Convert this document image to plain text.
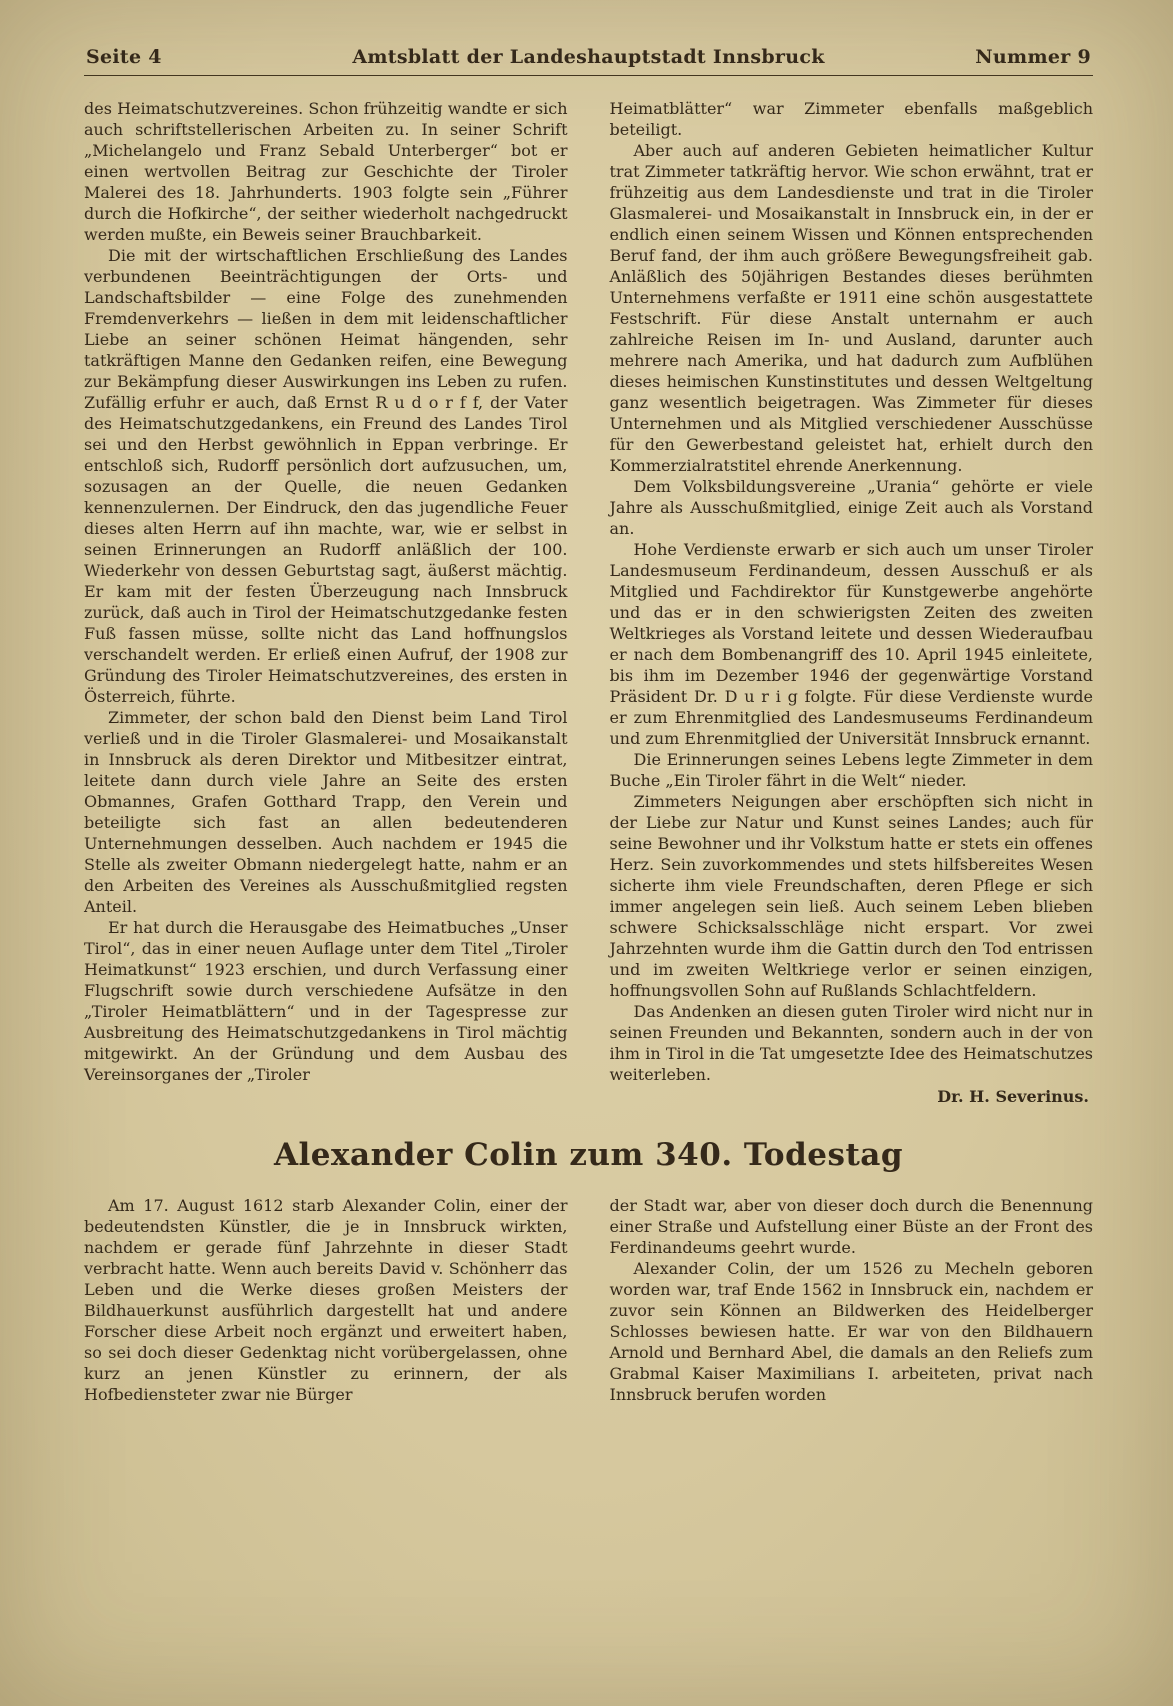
Seite 4	Amtsblatt der Landeshauptstadt Innsbruck	Nummer 9

des Heimatschutzvereines. Schon frühzeitig wandte er sich auch schriftstellerischen Arbeiten zu. In seiner Schrift „Michelangelo und Franz Sebald Unterberger“ bot er einen wertvollen Beitrag zur Geschichte der Tiroler Malerei des 18. Jahrhunderts. 1903 folgte sein „Führer durch die Hofkirche“, der seither wiederholt nachgedruckt werden mußte, ein Beweis seiner Brauchbarkeit.

Die mit der wirtschaftlichen Erschließung des Landes verbundenen Beeinträchtigungen der Orts- und Landschaftsbilder — eine Folge des zunehmenden Fremdenverkehrs — ließen in dem mit leidenschaftlicher Liebe an seiner schönen Heimat hängenden, sehr tatkräftigen Manne den Gedanken reifen, eine Bewegung zur Bekämpfung dieser Auswirkungen ins Leben zu rufen. Zufällig erfuhr er auch, daß Ernst R u d o r f f, der Vater des Heimatschutzgedankens, ein Freund des Landes Tirol sei und den Herbst gewöhnlich in Eppan verbringe. Er entschloß sich, Rudorff persönlich dort aufzusuchen, um, sozusagen an der Quelle, die neuen Gedanken kennenzulernen. Der Eindruck, den das jugendliche Feuer dieses alten Herrn auf ihn machte, war, wie er selbst in seinen Erinnerungen an Rudorff anläßlich der 100. Wiederkehr von dessen Geburtstag sagt, äußerst mächtig. Er kam mit der festen Überzeugung nach Innsbruck zurück, daß auch in Tirol der Heimatschutzgedanke festen Fuß fassen müsse, sollte nicht das Land hoffnungslos verschandelt werden. Er erließ einen Aufruf, der 1908 zur Gründung des Tiroler Heimatschutzvereines, des ersten in Österreich, führte.

Zimmeter, der schon bald den Dienst beim Land Tirol verließ und in die Tiroler Glasmalerei- und Mosaikanstalt in Innsbruck als deren Direktor und Mitbesitzer eintrat, leitete dann durch viele Jahre an Seite des ersten Obmannes, Grafen Gotthard Trapp, den Verein und beteiligte sich fast an allen bedeutenderen Unternehmungen desselben. Auch nachdem er 1945 die Stelle als zweiter Obmann niedergelegt hatte, nahm er an den Arbeiten des Vereines als Ausschußmitglied regsten Anteil.

Er hat durch die Herausgabe des Heimatbuches „Unser Tirol“, das in einer neuen Auflage unter dem Titel „Tiroler Heimatkunst“ 1923 erschien, und durch Verfassung einer Flugschrift sowie durch verschiedene Aufsätze in den „Tiroler Heimatblättern“ und in der Tagespresse zur Ausbreitung des Heimatschutzgedankens in Tirol mächtig mitgewirkt. An der Gründung und dem Ausbau des Vereinsorganes der „Tiroler

Heimatblätter“ war Zimmeter ebenfalls maßgeblich beteiligt.

Aber auch auf anderen Gebieten heimatlicher Kultur trat Zimmeter tatkräftig hervor. Wie schon erwähnt, trat er frühzeitig aus dem Landesdienste und trat in die Tiroler Glasmalerei- und Mosaikanstalt in Innsbruck ein, in der er endlich einen seinem Wissen und Können entsprechenden Beruf fand, der ihm auch größere Bewegungsfreiheit gab. Anläßlich des 50jährigen Bestandes dieses berühmten Unternehmens verfaßte er 1911 eine schön ausgestattete Festschrift. Für diese Anstalt unternahm er auch zahlreiche Reisen im In- und Ausland, darunter auch mehrere nach Amerika, und hat dadurch zum Aufblühen dieses heimischen Kunstinstitutes und dessen Weltgeltung ganz wesentlich beigetragen. Was Zimmeter für dieses Unternehmen und als Mitglied verschiedener Ausschüsse für den Gewerbestand geleistet hat, erhielt durch den Kommerzialratstitel ehrende Anerkennung.

Dem Volksbildungsvereine „Urania“ gehörte er viele Jahre als Ausschußmitglied, einige Zeit auch als Vorstand an.

Hohe Verdienste erwarb er sich auch um unser Tiroler Landesmuseum Ferdinandeum, dessen Ausschuß er als Mitglied und Fachdirektor für Kunstgewerbe angehörte und das er in den schwierigsten Zeiten des zweiten Weltkrieges als Vorstand leitete und dessen Wiederaufbau er nach dem Bombenangriff des 10. April 1945 einleitete, bis ihm im Dezember 1946 der gegenwärtige Vorstand Präsident Dr. D u r i g folgte. Für diese Verdienste wurde er zum Ehrenmitglied des Landesmuseums Ferdinandeum und zum Ehrenmitglied der Universität Innsbruck ernannt.

Die Erinnerungen seines Lebens legte Zimmeter in dem Buche „Ein Tiroler fährt in die Welt“ nieder.

Zimmeters Neigungen aber erschöpften sich nicht in der Liebe zur Natur und Kunst seines Landes; auch für seine Bewohner und ihr Volkstum hatte er stets ein offenes Herz. Sein zuvorkommendes und stets hilfsbereites Wesen sicherte ihm viele Freundschaften, deren Pflege er sich immer angelegen sein ließ. Auch seinem Leben blieben schwere Schicksalsschläge nicht erspart. Vor zwei Jahrzehnten wurde ihm die Gattin durch den Tod entrissen und im zweiten Weltkriege verlor er seinen einzigen, hoffnungsvollen Sohn auf Rußlands Schlachtfeldern.

Das Andenken an diesen guten Tiroler wird nicht nur in seinen Freunden und Bekannten, sondern auch in der von ihm in Tirol in die Tat umgesetzte Idee des Heimatschutzes weiterleben.

Dr. H. Severinus.
Alexander Colin zum 340. Todestag

Am 17. August 1612 starb Alexander Colin, einer der bedeutendsten Künstler, die je in Innsbruck wirkten, nachdem er gerade fünf Jahrzehnte in dieser Stadt verbracht hatte. Wenn auch bereits David v. Schönherr das Leben und die Werke dieses großen Meisters der Bildhauerkunst ausführlich dargestellt hat und andere Forscher diese Arbeit noch ergänzt und erweitert haben, so sei doch dieser Gedenktag nicht vorübergelassen, ohne kurz an jenen Künstler zu erinnern, der als Hofbediensteter zwar nie Bürger

der Stadt war, aber von dieser doch durch die Benennung einer Straße und Aufstellung einer Büste an der Front des Ferdinandeums geehrt wurde.

Alexander Colin, der um 1526 zu Mecheln geboren worden war, traf Ende 1562 in Innsbruck ein, nachdem er zuvor sein Können an Bildwerken des Heidelberger Schlosses bewiesen hatte. Er war von den Bildhauern Arnold und Bernhard Abel, die damals an den Reliefs zum Grabmal Kaiser Maximilians I. arbeiteten, privat nach Innsbruck berufen worden
